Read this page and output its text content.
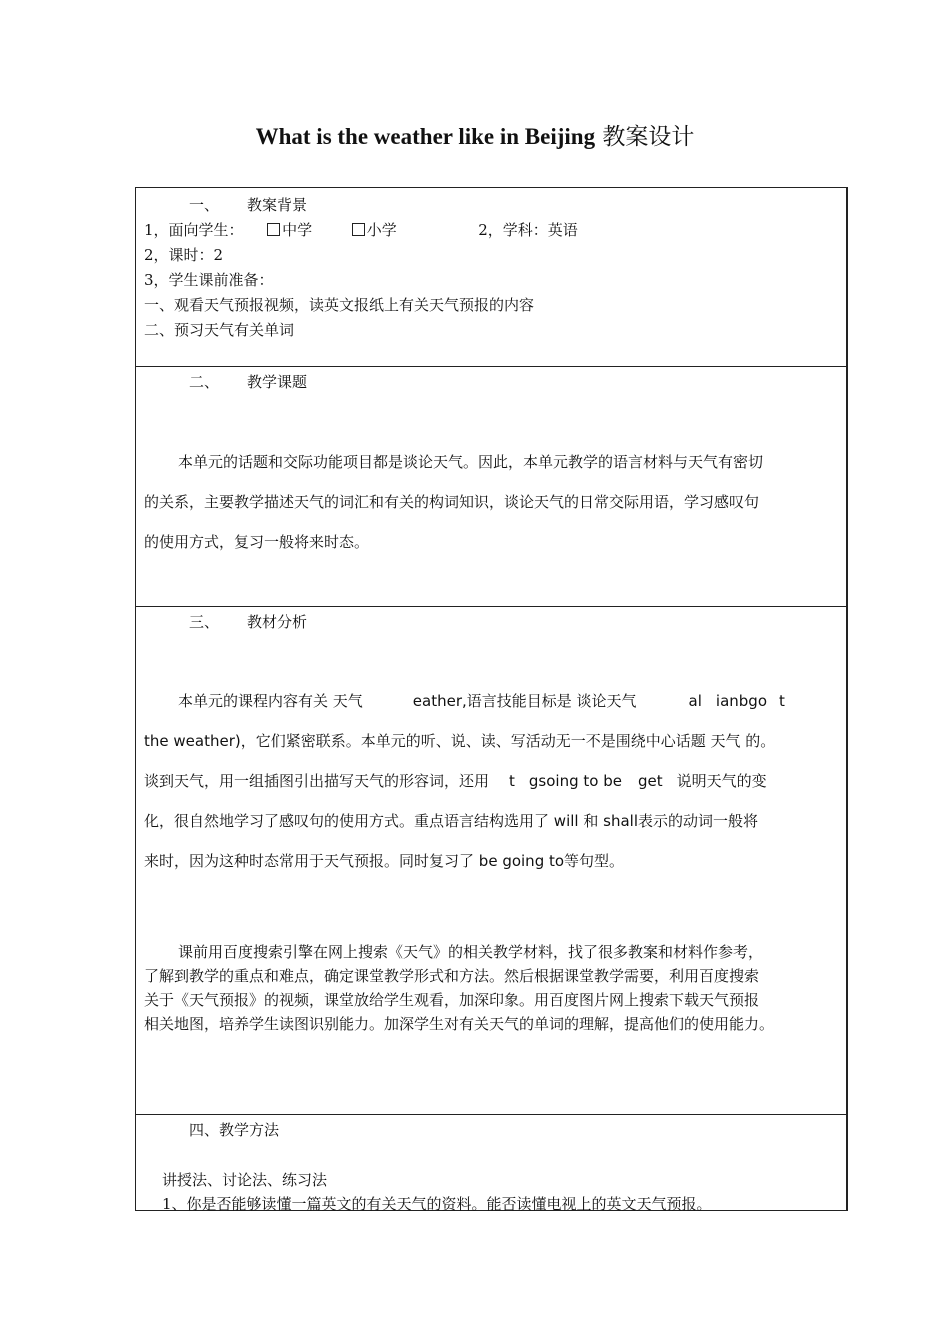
What is the weather like in Beijing 教案设计
一、 教案背景
1，面向学生：	中学	小学	2，学科：英语
2，课时：2
3，学生课前准备：
一、观看天气预报视频，读英文报纸上有关天气预报的内容
二、预习天气有关单词
二、 教学课题
本单元的话题和交际功能项目都是谈论天气。因此，本单元教学的语言材料与天气有密切
的关系，主要教学描述天气的词汇和有关的构词知识，谈论天气的日常交际用语，学习感叹句
的使用方式，复习一般将来时态。
三、 教材分析
本单元的课程内容有关 天气	eather,语言技能目标是 谈论天气	al ianbgo t
the weather)，它们紧密联系。本单元的听、说、读、写活动无一不是围绕中心话题 天气 的。
谈到天气，用一组插图引出描写天气的形容词，还用 t gsoing to be get 说明天气的变
化，很自然地学习了感叹句的使用方式。重点语言结构选用了 will 和 shall表示的动词一般将
来时，因为这种时态常用于天气预报。同时复习了 be going to等句型。
课前用百度搜索引擎在网上搜索《天气》的相关教学材料，找了很多教案和材料作参考，
了解到教学的重点和难点，确定课堂教学形式和方法。然后根据课堂教学需要，利用百度搜索
关于《天气预报》的视频，课堂放给学生观看，加深印象。用百度图片网上搜索下载天气预报
相关地图，培养学生读图识别能力。加深学生对有关天气的单词的理解，提高他们的使用能力。
四、教学方法
讲授法、讨论法、练习法
1、你是否能够读懂一篇英文的有关天气的资料。能否读懂电视上的英文天气预报。
